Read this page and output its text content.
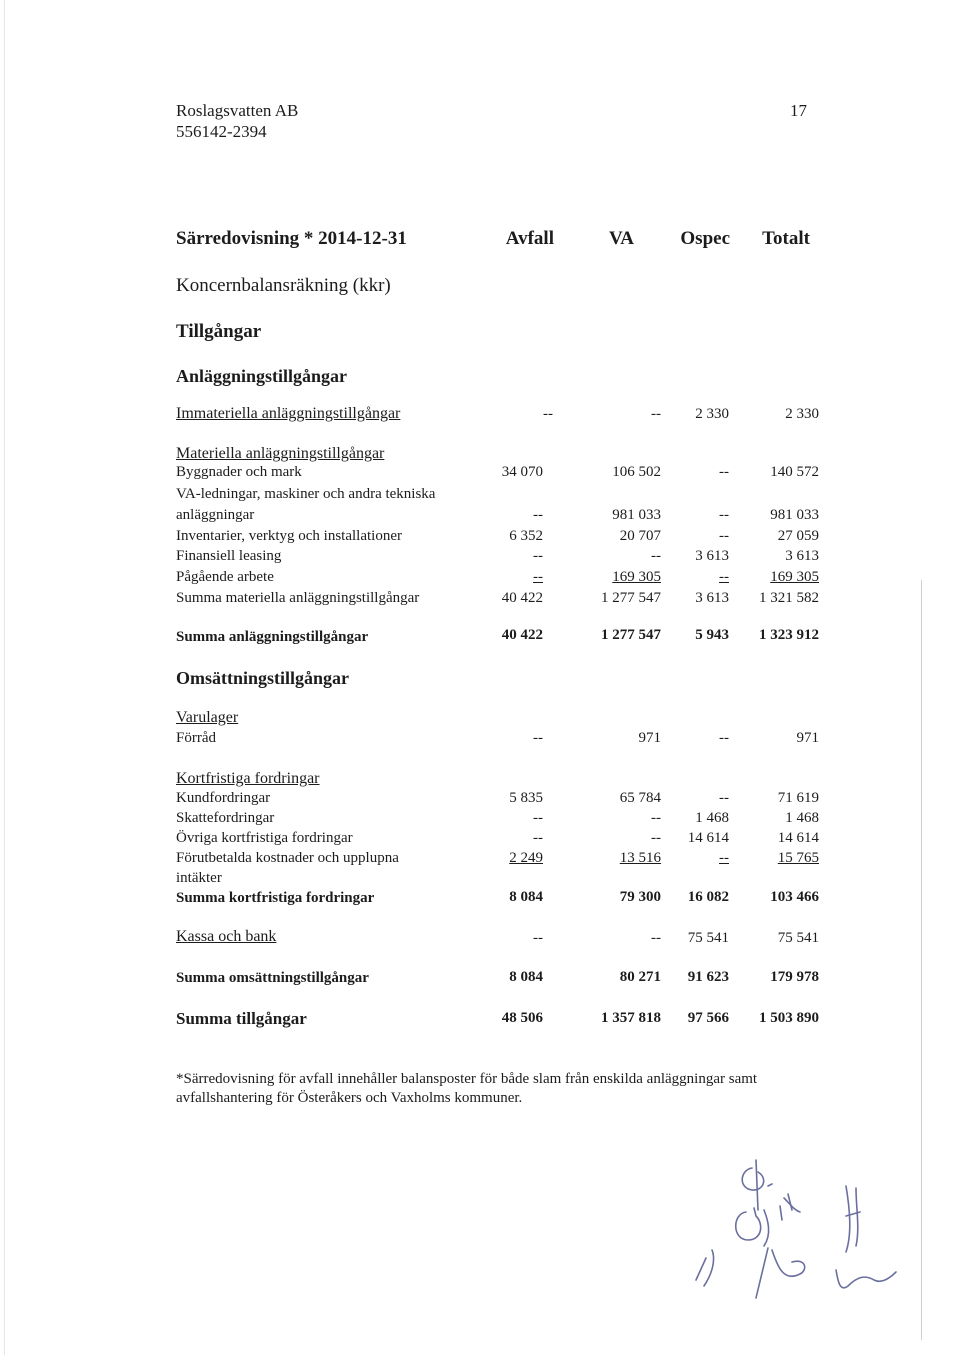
Roslagsvatten AB
556142-2394
17
Särredovisning * 2014-12-31	Avfall	VA	Ospec	Totalt
Koncernbalansräkning (kkr)
Tillgångar
Anläggningstillgångar
Immateriella anläggningstillgångar	--	--	2 330	2 330
Materiella anläggningstillgångar
Byggnader och mark	34 070	106 502	--	140 572
VA-ledningar, maskiner och andra tekniska
anläggningar	--	981 033	--	981 033
Inventarier, verktyg och installationer	6 352	20 707	--	27 059
Finansiell leasing	--	--	3 613	3 613
Pågående arbete	--	169 305	--	169 305
Summa materiella anläggningstillgångar	40 422	1 277 547	3 613	1 321 582
Summa anläggningstillgångar	40 422	1 277 547	5 943	1 323 912
Omsättningstillgångar
Varulager
Förråd	--	971	--	971
Kortfristiga fordringar
Kundfordringar	5 835	65 784	--	71 619
Skattefordringar	--	--	1 468	1 468
Övriga kortfristiga fordringar	--	--	14 614	14 614
Förutbetalda kostnader och upplupna	2 249	13 516	--	15 765
intäkter
Summa kortfristiga fordringar	8 084	79 300	16 082	103 466
Kassa och bank	--	--	75 541	75 541
Summa omsättningstillgångar	8 084	80 271	91 623	179 978
Summa tillgångar	48 506	1 357 818	97 566	1 503 890
*Särredovisning för avfall innehåller balansposter för både slam från enskilda anläggningar samt avfallshantering för Österåkers och Vaxholms kommuner.
